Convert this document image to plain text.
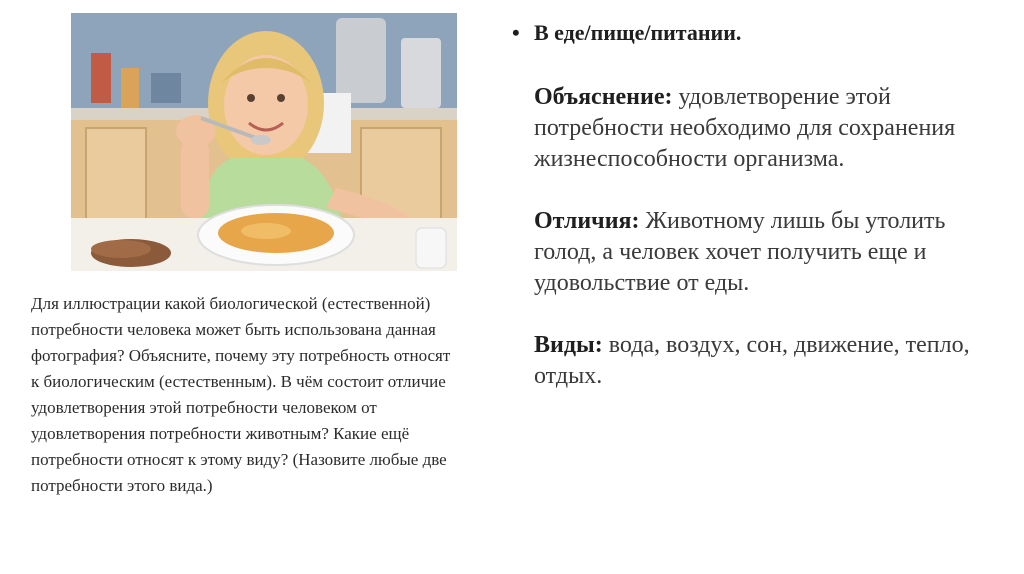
Для иллюстрации какой биологической (естественной) потребности человека может быть использована данная фотография? Объясните, почему эту потребность относят к биологическим (естественным). В чём состоит отличие удовлетворения этой потребности человеком от удовлетворения потребности животным? Какие ещё потребности относят к этому виду? (Назовите любые две потребности этого вида.)

• В еде/пище/питании.

Объяснение: удовлетворение этой потребности необходимо для сохранения жизнеспособности организма.

Отличия: Животному лишь бы утолить голод, а человек хочет получить еще и удовольствие от еды.

Виды: вода, воздух, сон, движение, тепло, отдых.
